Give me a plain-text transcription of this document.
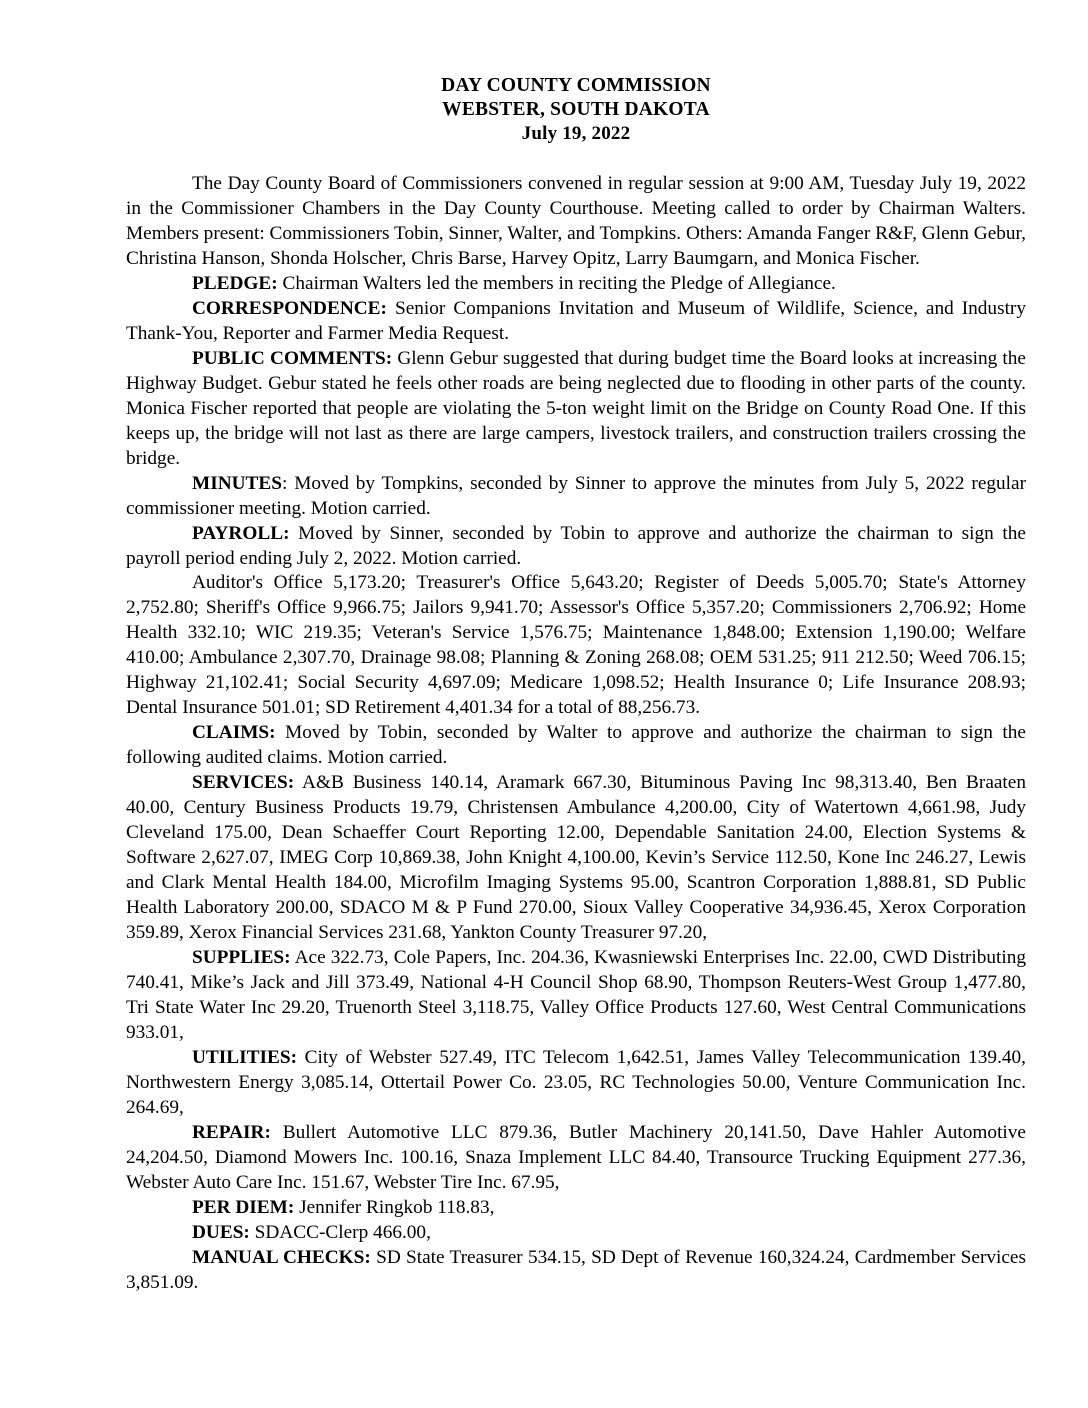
DAY COUNTY COMMISSION
WEBSTER, SOUTH DAKOTA
July 19, 2022

The Day County Board of Commissioners convened in regular session at 9:00 AM, Tuesday July 19, 2022 in the Commissioner Chambers in the Day County Courthouse. Meeting called to order by Chairman Walters. Members present: Commissioners Tobin, Sinner, Walter, and Tompkins. Others: Amanda Fanger R&F, Glenn Gebur, Christina Hanson, Shonda Holscher, Chris Barse, Harvey Opitz, Larry Baumgarn, and Monica Fischer.

PLEDGE: Chairman Walters led the members in reciting the Pledge of Allegiance.

CORRESPONDENCE: Senior Companions Invitation and Museum of Wildlife, Science, and Industry Thank-You, Reporter and Farmer Media Request.

PUBLIC COMMENTS: Glenn Gebur suggested that during budget time the Board looks at increasing the Highway Budget. Gebur stated he feels other roads are being neglected due to flooding in other parts of the county. Monica Fischer reported that people are violating the 5-ton weight limit on the Bridge on County Road One. If this keeps up, the bridge will not last as there are large campers, livestock trailers, and construction trailers crossing the bridge.

MINUTES: Moved by Tompkins, seconded by Sinner to approve the minutes from July 5, 2022 regular commissioner meeting. Motion carried.

PAYROLL: Moved by Sinner, seconded by Tobin to approve and authorize the chairman to sign the payroll period ending July 2, 2022. Motion carried.

Auditor's Office 5,173.20; Treasurer's Office 5,643.20; Register of Deeds 5,005.70; State's Attorney 2,752.80; Sheriff's Office 9,966.75; Jailors 9,941.70; Assessor's Office 5,357.20; Commissioners 2,706.92; Home Health 332.10; WIC 219.35; Veteran's Service 1,576.75; Maintenance 1,848.00; Extension 1,190.00; Welfare 410.00; Ambulance 2,307.70, Drainage 98.08; Planning & Zoning 268.08; OEM 531.25; 911 212.50; Weed 706.15; Highway 21,102.41; Social Security 4,697.09; Medicare 1,098.52; Health Insurance 0; Life Insurance 208.93; Dental Insurance 501.01; SD Retirement 4,401.34 for a total of 88,256.73.

CLAIMS: Moved by Tobin, seconded by Walter to approve and authorize the chairman to sign the following audited claims. Motion carried.

SERVICES: A&B Business 140.14, Aramark 667.30, Bituminous Paving Inc 98,313.40, Ben Braaten 40.00, Century Business Products 19.79, Christensen Ambulance 4,200.00, City of Watertown 4,661.98, Judy Cleveland 175.00, Dean Schaeffer Court Reporting 12.00, Dependable Sanitation 24.00, Election Systems & Software 2,627.07, IMEG Corp 10,869.38, John Knight 4,100.00, Kevin’s Service 112.50, Kone Inc 246.27, Lewis and Clark Mental Health 184.00, Microfilm Imaging Systems 95.00, Scantron Corporation 1,888.81, SD Public Health Laboratory 200.00, SDACO M & P Fund 270.00, Sioux Valley Cooperative 34,936.45, Xerox Corporation 359.89, Xerox Financial Services 231.68, Yankton County Treasurer 97.20,

SUPPLIES: Ace 322.73, Cole Papers, Inc. 204.36, Kwasniewski Enterprises Inc. 22.00, CWD Distributing 740.41, Mike’s Jack and Jill 373.49, National 4-H Council Shop 68.90, Thompson Reuters-West Group 1,477.80, Tri State Water Inc 29.20, Truenorth Steel 3,118.75, Valley Office Products 127.60, West Central Communications 933.01,

UTILITIES: City of Webster 527.49, ITC Telecom 1,642.51, James Valley Telecommunication 139.40, Northwestern Energy 3,085.14, Ottertail Power Co. 23.05, RC Technologies 50.00, Venture Communication Inc. 264.69,

REPAIR: Bullert Automotive LLC 879.36, Butler Machinery 20,141.50, Dave Hahler Automotive 24,204.50, Diamond Mowers Inc. 100.16, Snaza Implement LLC 84.40, Transource Trucking Equipment 277.36, Webster Auto Care Inc. 151.67, Webster Tire Inc. 67.95,

PER DIEM: Jennifer Ringkob 118.83,

DUES: SDACC-Clerp 466.00,

MANUAL CHECKS: SD State Treasurer 534.15, SD Dept of Revenue 160,324.24, Cardmember Services 3,851.09.
